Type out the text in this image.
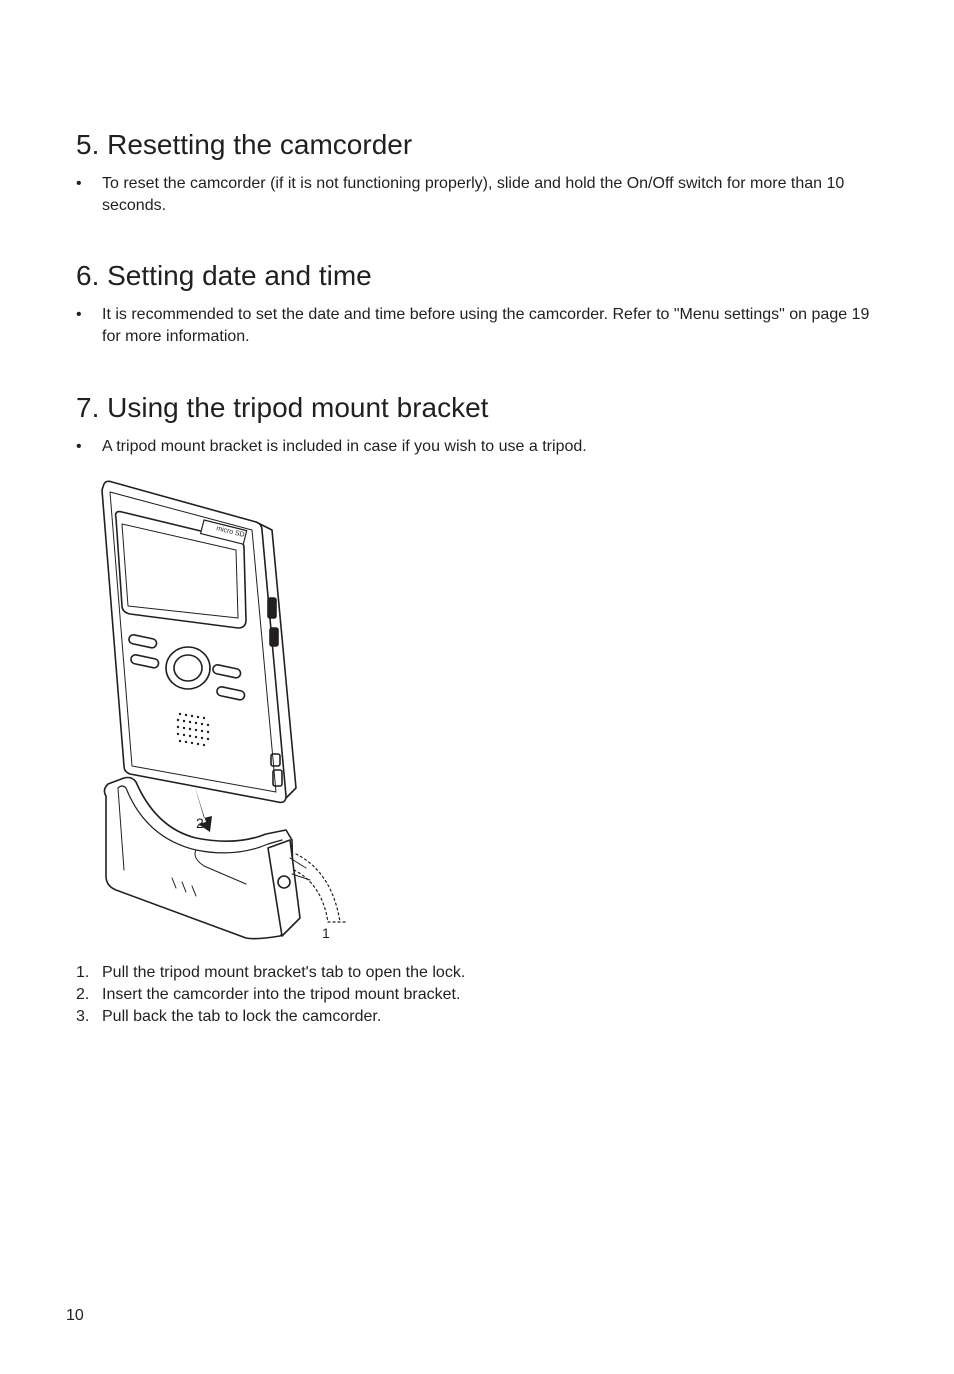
5. Resetting the camcorder
• To reset the camcorder (if it is not functioning properly), slide and hold the On/Off switch for more than 10 seconds.
6. Setting date and time
• It is recommended to set the date and time before using the camcorder. Refer to "Menu settings" on page 19 for more information.
7. Using the tripod mount bracket
• A tripod mount bracket is included in case if you wish to use a tripod.
micro SD
2
1
1. Pull the tripod mount bracket's tab to open the lock.
2. Insert the camcorder into the tripod mount bracket.
3. Pull back the tab to lock the camcorder.
10
